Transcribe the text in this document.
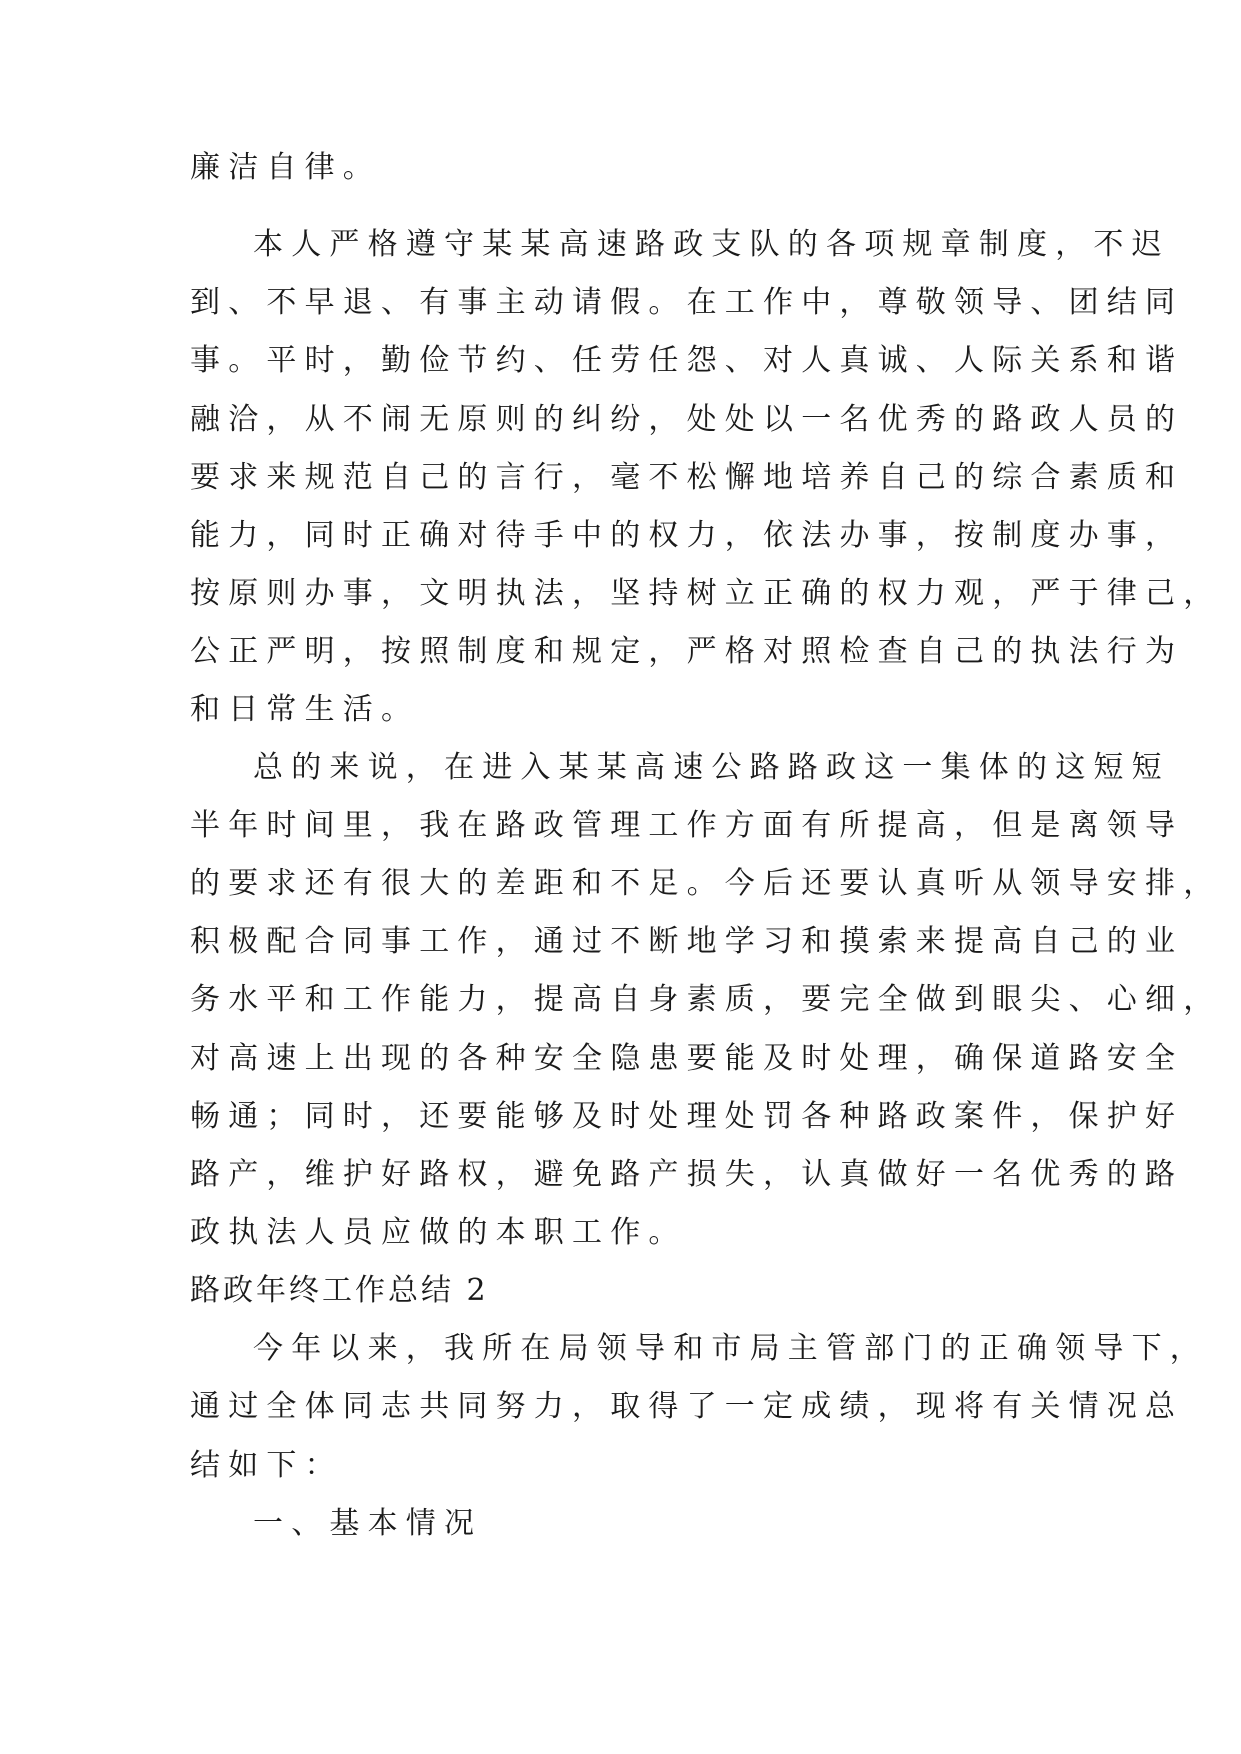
廉洁自律。
本人严格遵守某某高速路政支队的各项规章制度，不迟
到、不早退、有事主动请假。在工作中，尊敬领导、团结同
事。平时，勤俭节约、任劳任怨、对人真诚、人际关系和谐
融洽，从不闹无原则的纠纷，处处以一名优秀的路政人员的
要求来规范自己的言行，毫不松懈地培养自己的综合素质和
能力，同时正确对待手中的权力，依法办事，按制度办事，
按原则办事，文明执法，坚持树立正确的权力观，严于律己，
公正严明，按照制度和规定，严格对照检查自己的执法行为
和日常生活。
总的来说，在进入某某高速公路路政这一集体的这短短
半年时间里，我在路政管理工作方面有所提高，但是离领导
的要求还有很大的差距和不足。今后还要认真听从领导安排，
积极配合同事工作，通过不断地学习和摸索来提高自己的业
务水平和工作能力，提高自身素质，要完全做到眼尖、心细，
对高速上出现的各种安全隐患要能及时处理，确保道路安全
畅通；同时，还要能够及时处理处罚各种路政案件，保护好
路产，维护好路权，避免路产损失，认真做好一名优秀的路
政执法人员应做的本职工作。
路政年终工作总结 2
今年以来，我所在局领导和市局主管部门的正确领导下，
通过全体同志共同努力，取得了一定成绩，现将有关情况总
结如下：
一、基本情况
